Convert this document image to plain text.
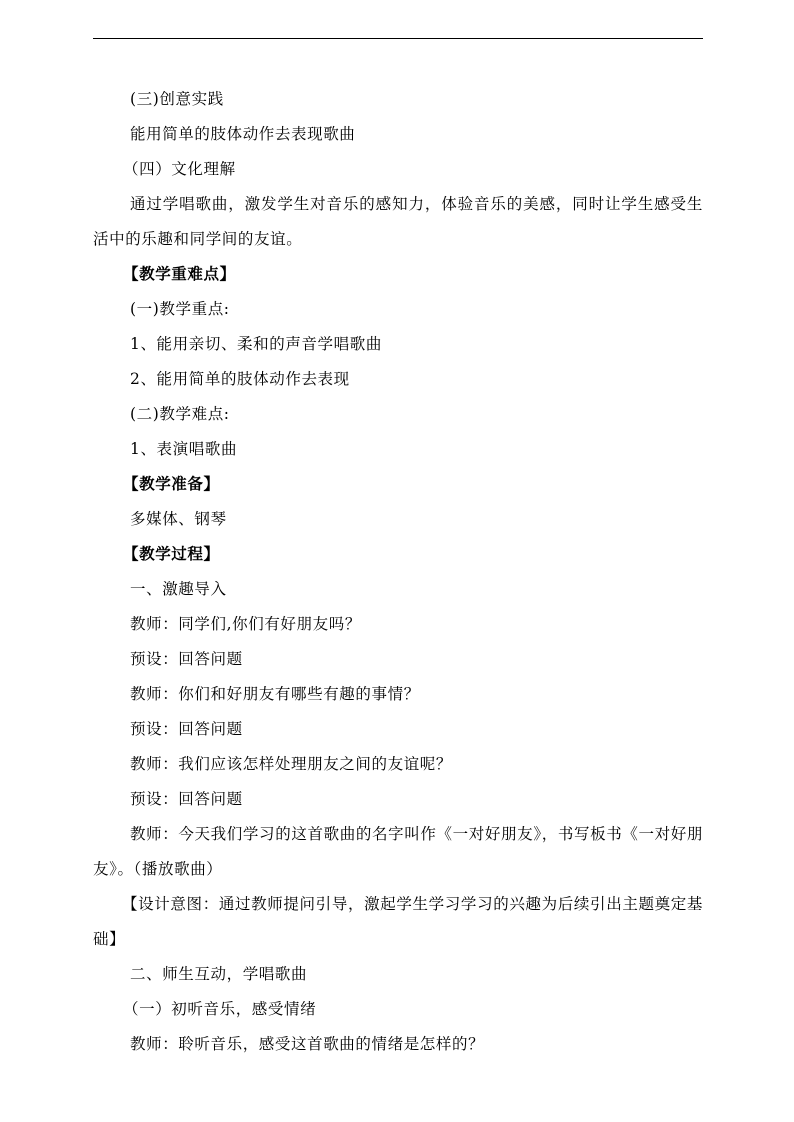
(三)创意实践
能用简单的肢体动作去表现歌曲
（四）文化理解
通过学唱歌曲，激发学生对音乐的感知力，体验音乐的美感，同时让学生感受生活中的乐趣和同学间的友谊。
【教学重难点】
(一)教学重点:
1、能用亲切、柔和的声音学唱歌曲
2、能用简单的肢体动作去表现
(二)教学难点:
1、表演唱歌曲
【教学准备】
多媒体、钢琴
【教学过程】
一、激趣导入
教师：同学们,你们有好朋友吗？
预设：回答问题
教师：你们和好朋友有哪些有趣的事情？
预设：回答问题
教师：我们应该怎样处理朋友之间的友谊呢？
预设：回答问题
教师：今天我们学习的这首歌曲的名字叫作《一对好朋友》，书写板书《一对好朋友》。（播放歌曲）
【设计意图：通过教师提问引导，激起学生学习学习的兴趣为后续引出主题奠定基础】
二、师生互动，学唱歌曲
（一）初听音乐，感受情绪
教师：聆听音乐，感受这首歌曲的情绪是怎样的？
